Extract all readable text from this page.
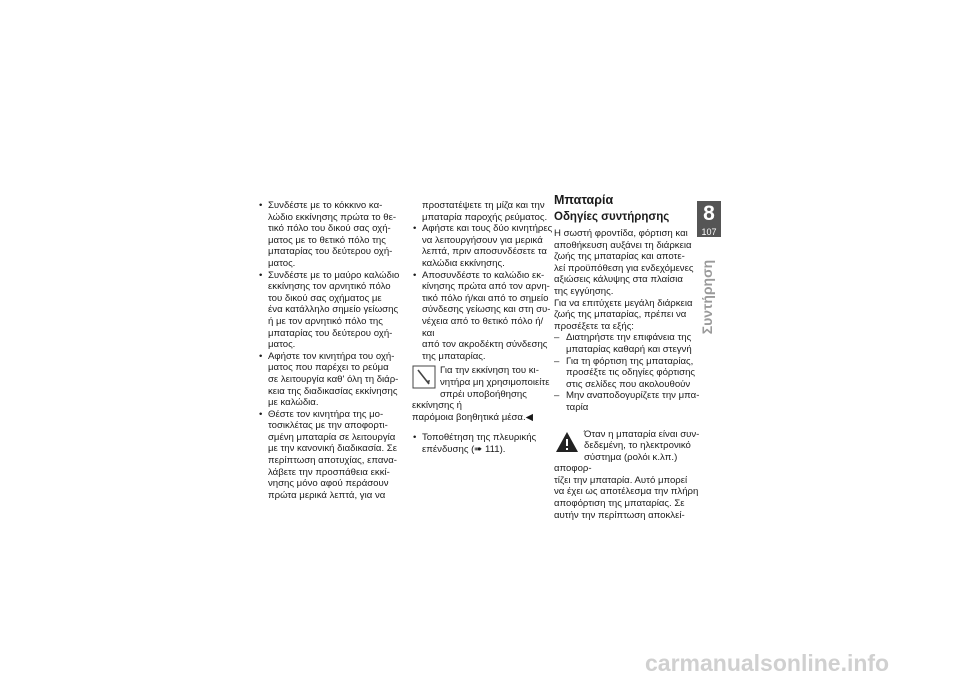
• Συνδέστε με το κόκκινο κα-
λώδιο εκκίνησης πρώτα το θε-
τικό πόλο του δικού σας οχή-
ματος με το θετικό πόλο της
μπαταρίας του δεύτερου οχή-
ματος.
• Συνδέστε με το μαύρο καλώδιο
εκκίνησης τον αρνητικό πόλο
του δικού σας οχήματος με
ένα κατάλληλο σημείο γείωσης
ή με τον αρνητικό πόλο της
μπαταρίας του δεύτερου οχή-
ματος.
• Αφήστε τον κινητήρα του οχή-
ματος που παρέχει το ρεύμα
σε λειτουργία καθ' όλη τη διάρ-
κεια της διαδικασίας εκκίνησης
με καλώδια.
• Θέστε τον κινητήρα της μο-
τοσικλέτας με την αποφορτι-
σμένη μπαταρία σε λειτουργία
με την κανονική διαδικασία. Σε
περίπτωση αποτυχίας, επανα-
λάβετε την προσπάθεια εκκί-
νησης μόνο αφού περάσουν
πρώτα μερικά λεπτά, για να
προστατέψετε τη μίζα και την
μπαταρία παροχής ρεύματος.
• Αφήστε και τους δύο κινητήρες
να λειτουργήσουν για μερικά
λεπτά, πριν αποσυνδέσετε τα
καλώδια εκκίνησης.
• Αποσυνδέστε το καλώδιο εκ-
κίνησης πρώτα από τον αρνη-
τικό πόλο ή/και από το σημείο
σύνδεσης γείωσης και στη συ-
νέχεια από το θετικό πόλο ή/και
από τον ακροδέκτη σύνδεσης
της μπαταρίας.
Για την εκκίνηση του κι-
νητήρα μη χρησιμοποιείτε
σπρέι υποβοήθησης εκκίνησης ή
παρόμοια βοηθητικά μέσα.◀
• Τοποθέτηση της πλευρικής
επένδυσης (➠ 111).
Μπαταρία
Οδηγίες συντήρησης
Η σωστή φροντίδα, φόρτιση και
αποθήκευση αυξάνει τη διάρκεια
ζωής της μπαταρίας και αποτε-
λεί προϋπόθεση για ενδεχόμενες
αξιώσεις κάλυψης στα πλαίσια
της εγγύησης.
Για να επιτύχετε μεγάλη διάρκεια
ζωής της μπαταρίας, πρέπει να
προσέξετε τα εξής:
– Διατηρήστε την επιφάνεια της
μπαταρίας καθαρή και στεγνή
– Για τη φόρτιση της μπαταρίας,
προσέξτε τις οδηγίες φόρτισης
στις σελίδες που ακολουθούν
– Μην αναποδογυρίζετε την μπα-
ταρία
Όταν η μπαταρία είναι συν-
δεδεμένη, το ηλεκτρονικό
σύστημα (ρολόι κ.λπ.) αποφορ-
τίζει την μπαταρία. Αυτό μπορεί
να έχει ως αποτέλεσμα την πλήρη
αποφόρτιση της μπαταρίας. Σε
αυτήν την περίπτωση αποκλεί-
8
107
Συντήρηση
carmanualsonline.info
